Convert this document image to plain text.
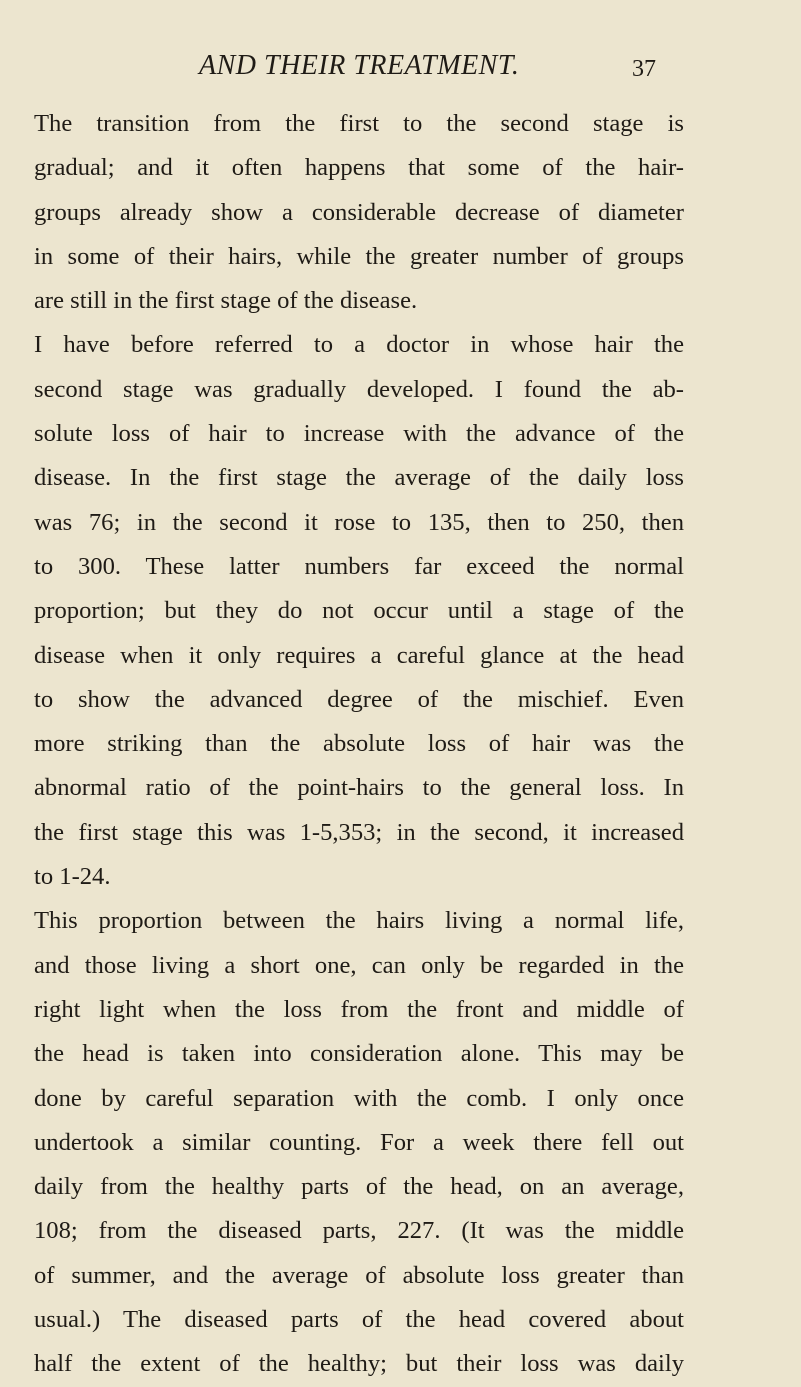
AND THEIR TREATMENT.	37
The transition from the first to the second stage is
gradual; and it often happens that some of the hair-
groups already show a considerable decrease of diameter
in some of their hairs, while the greater number of groups
are still in the first stage of the disease.
I have before referred to a doctor in whose hair the
second stage was gradually developed. I found the ab-
solute loss of hair to increase with the advance of the
disease. In the first stage the average of the daily loss
was 76; in the second it rose to 135, then to 250, then
to 300. These latter numbers far exceed the normal
proportion; but they do not occur until a stage of the
disease when it only requires a careful glance at the head
to show the advanced degree of the mischief. Even
more striking than the absolute loss of hair was the
abnormal ratio of the point-hairs to the general loss. In
the first stage this was 1-5,353; in the second, it increased
to 1-24.
This proportion between the hairs living a normal life,
and those living a short one, can only be regarded in the
right light when the loss from the front and middle of
the head is taken into consideration alone. This may be
done by careful separation with the comb. I only once
undertook a similar counting. For a week there fell out
daily from the healthy parts of the head, on an average,
108; from the diseased parts, 227. (It was the middle
of summer, and the average of absolute loss greater than
usual.) The diseased parts of the head covered about
half the extent of the healthy; but their loss was daily
